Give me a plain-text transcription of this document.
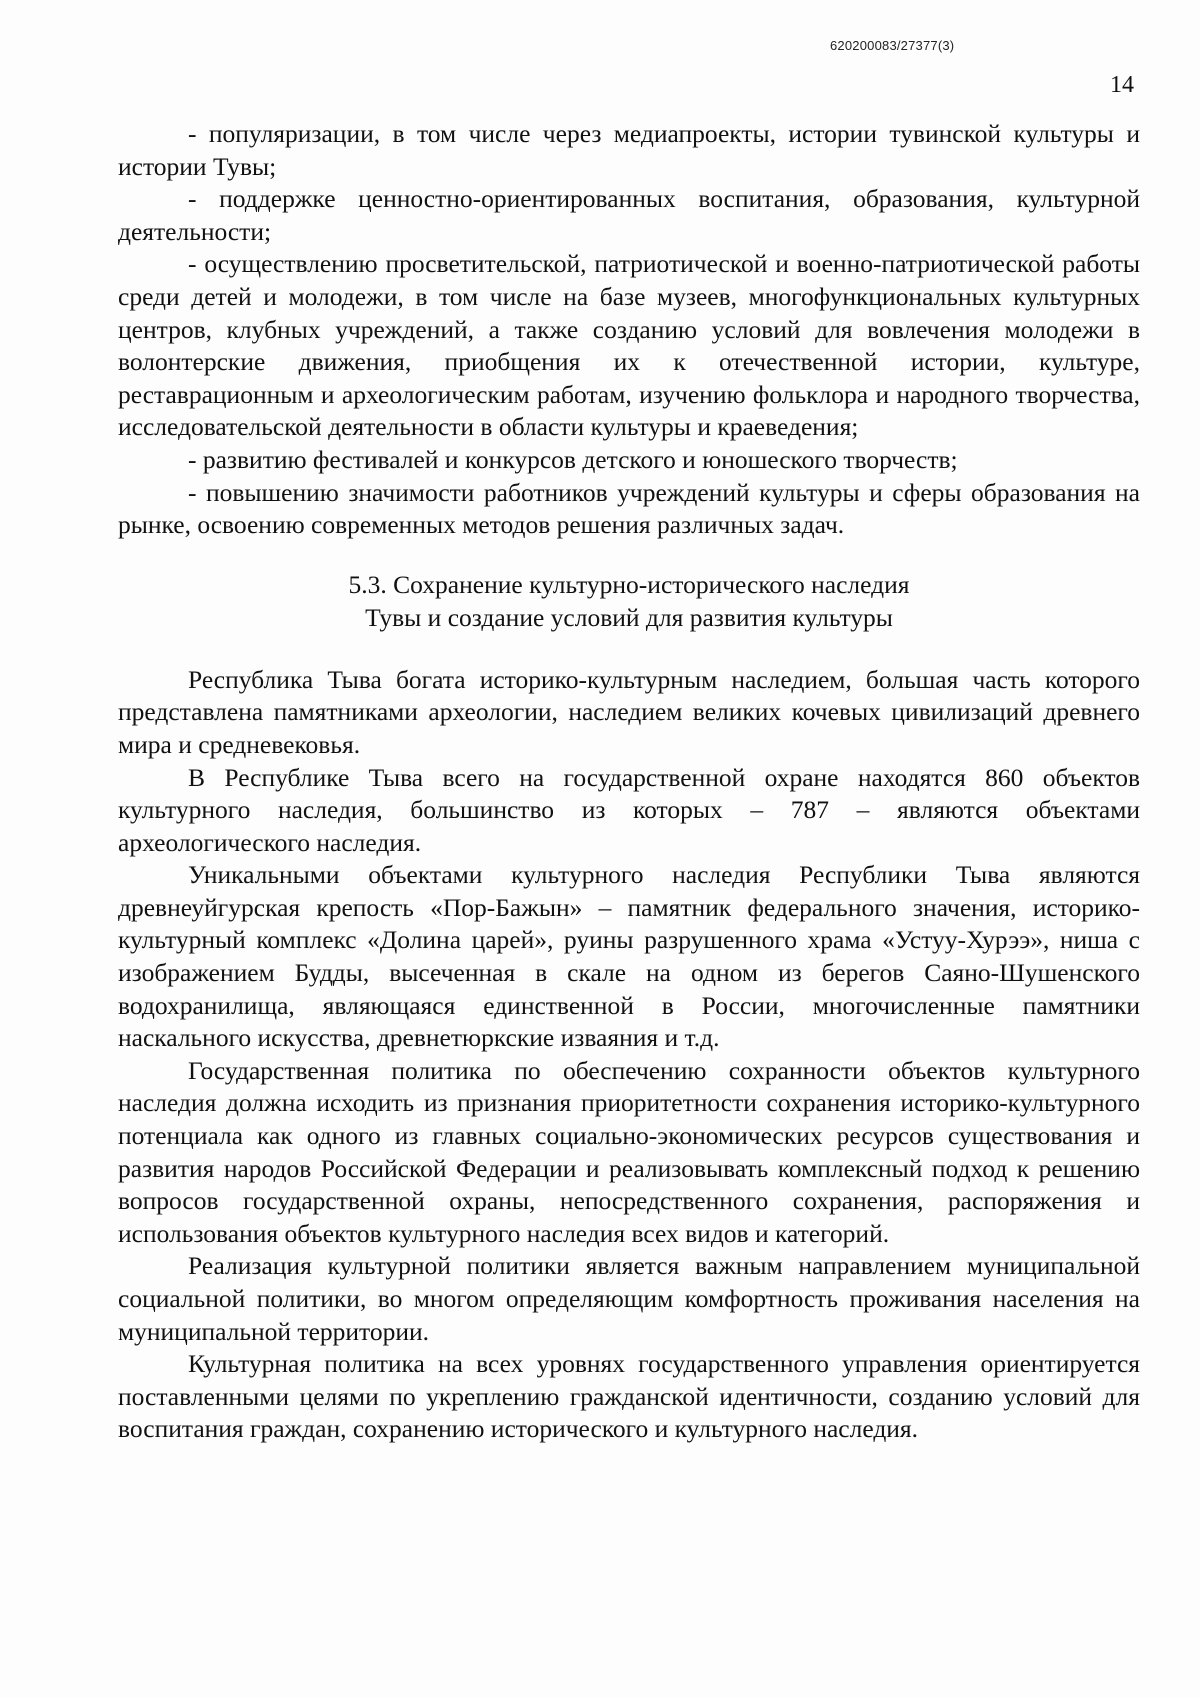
620200083/27377(3)
14

- популяризации, в том числе через медиапроекты, истории тувинской культуры и истории Тувы;

- поддержке ценностно-ориентированных воспитания, образования, культурной деятельности;

- осуществлению просветительской, патриотической и военно-патриотической работы среди детей и молодежи, в том числе на базе музеев, многофункциональных культурных центров, клубных учреждений, а также созданию условий для вовлечения молодежи в волонтерские движения, приобщения их к отечественной истории, культуре, реставрационным и археологическим работам, изучению фольклора и народного творчества, исследовательской деятельности в области культуры и краеведения;

- развитию фестивалей и конкурсов детского и юношеского творчеств;

- повышению значимости работников учреждений культуры и сферы образования на рынке, освоению современных методов решения различных задач.

5.3. Сохранение культурно-исторического наследия
Тувы и создание условий для развития культуры

Республика Тыва богата историко-культурным наследием, большая часть которого представлена памятниками археологии, наследием великих кочевых цивилизаций древнего мира и средневековья.

В Республике Тыва всего на государственной охране находятся 860 объектов культурного наследия, большинство из которых – 787 – являются объектами археологического наследия.

Уникальными объектами культурного наследия Республики Тыва являются древнеуйгурская крепость «Пор-Бажын» – памятник федерального значения, историко-культурный комплекс «Долина царей», руины разрушенного храма «Устуу-Хурээ», ниша с изображением Будды, высеченная в скале на одном из берегов Саяно-Шушенского водохранилища, являющаяся единственной в России, многочисленные памятники наскального искусства, древнетюркские изваяния и т.д.

Государственная политика по обеспечению сохранности объектов культурного наследия должна исходить из признания приоритетности сохранения историко-культурного потенциала как одного из главных социально-экономических ресурсов существования и развития народов Российской Федерации и реализовывать комплексный подход к решению вопросов государственной охраны, непосредственного сохранения, распоряжения и использования объектов культурного наследия всех видов и категорий.

Реализация культурной политики является важным направлением муниципальной социальной политики, во многом определяющим комфортность проживания населения на муниципальной территории.

Культурная политика на всех уровнях государственного управления ориентируется поставленными целями по укреплению гражданской идентичности, созданию условий для воспитания граждан, сохранению исторического и культурного наследия.
